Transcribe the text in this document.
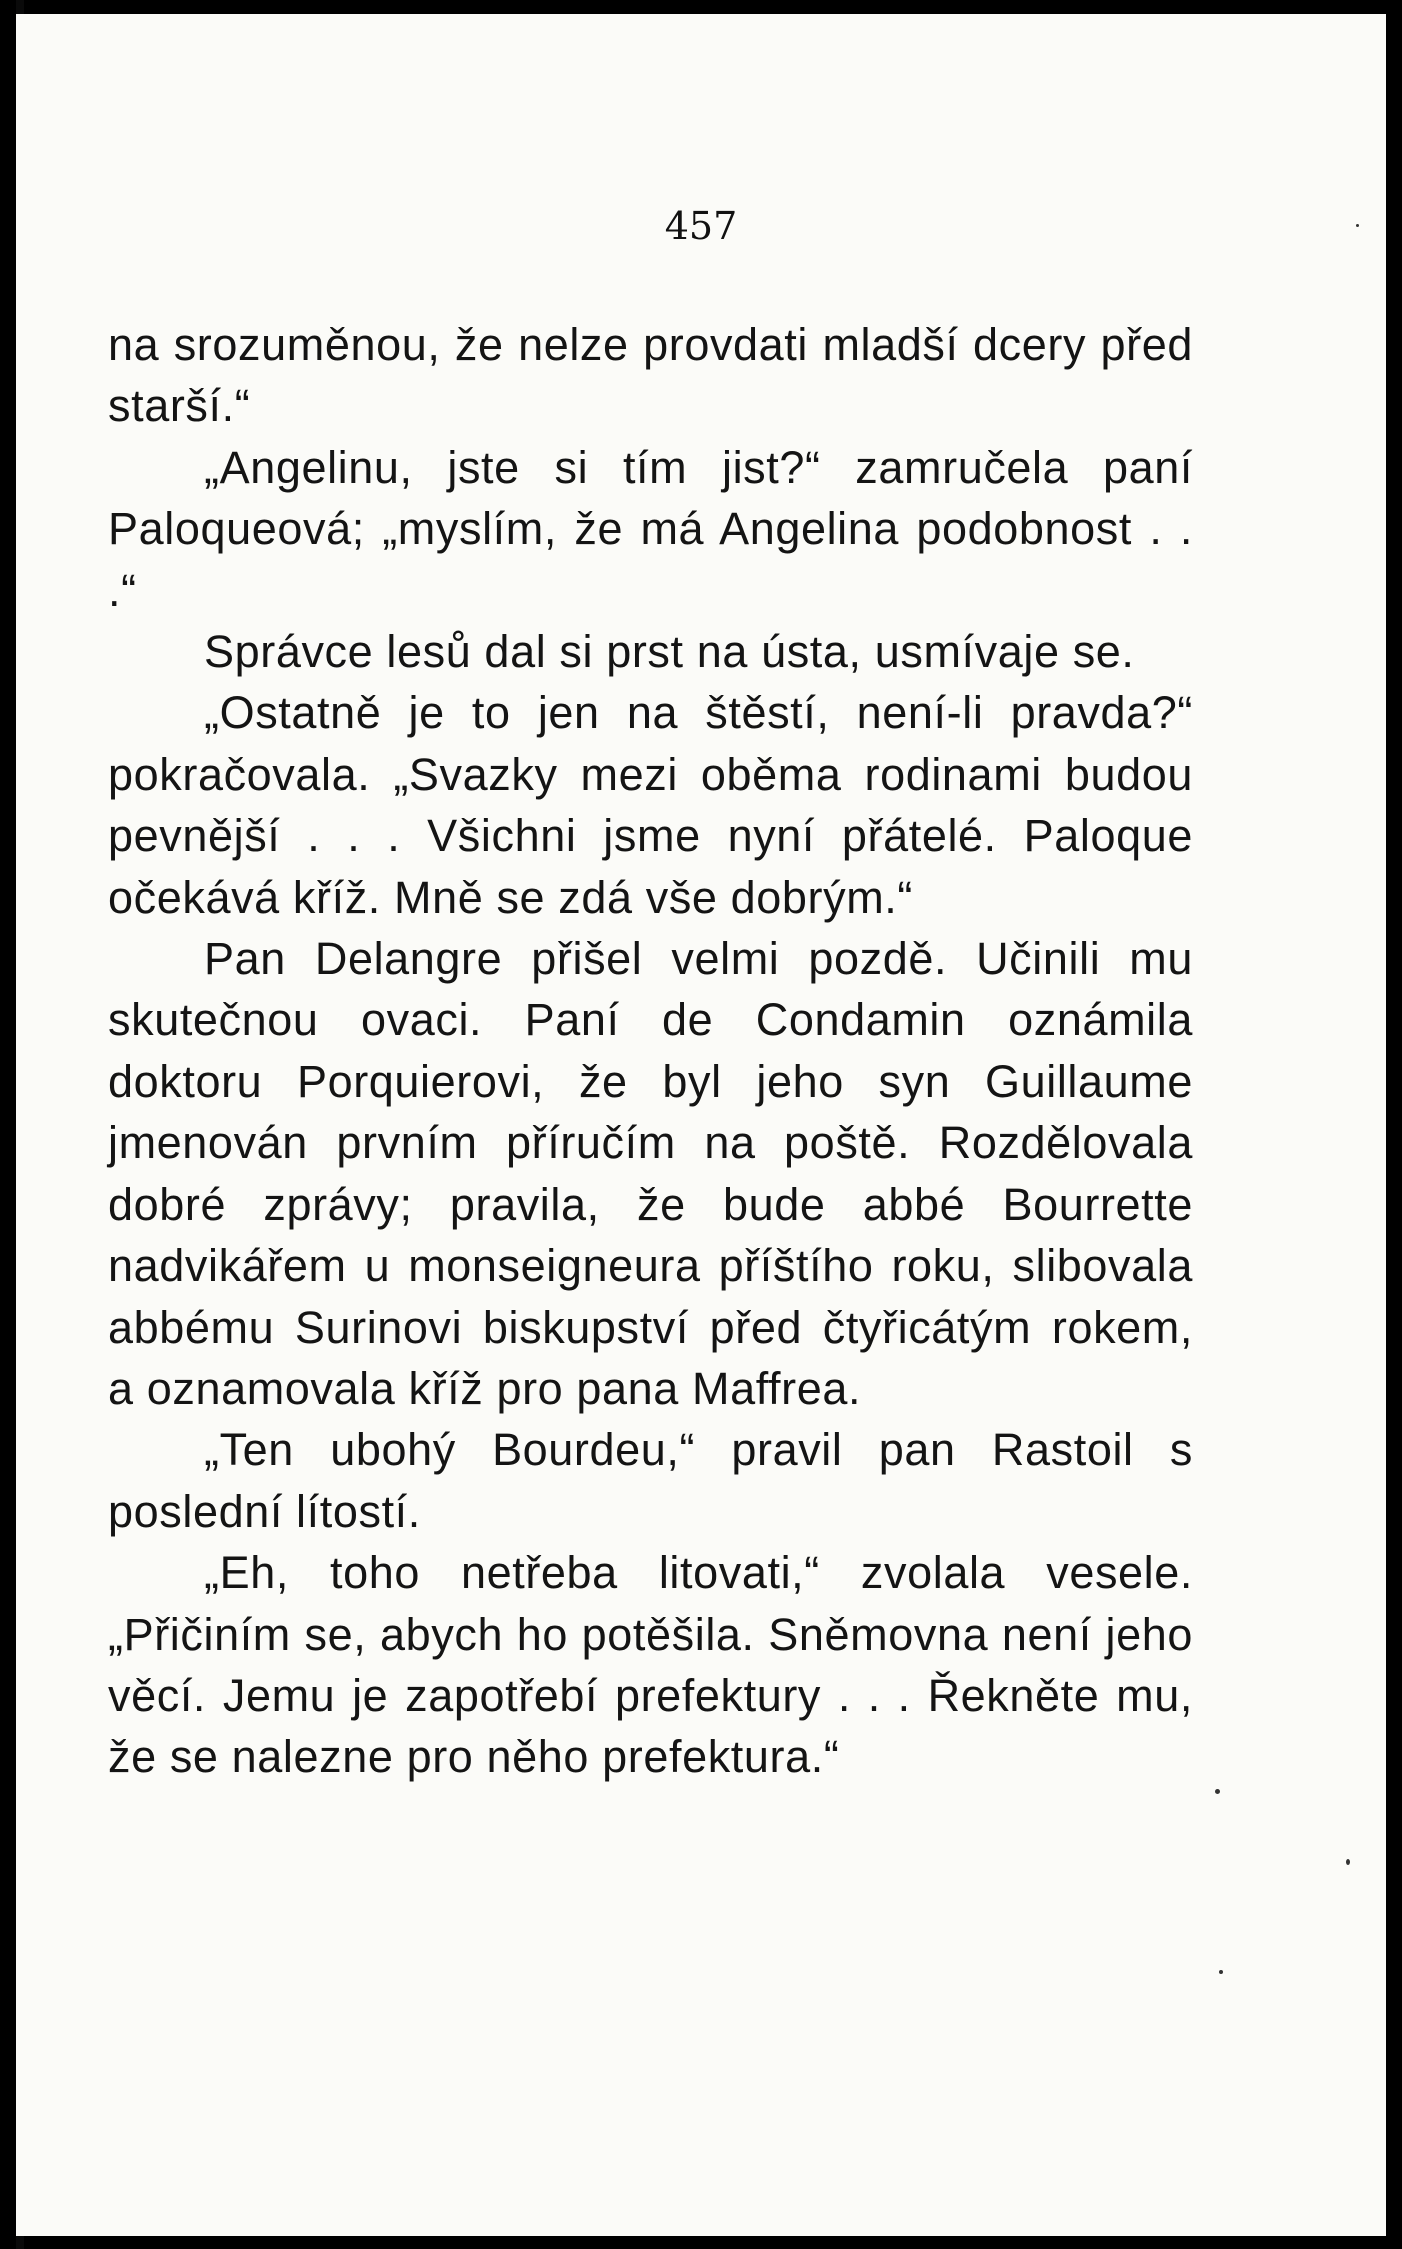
457

na srozuměnou, že nelze provdati mladší dcery před starší.“

„Angelinu, jste si tím jist?“ zamručela paní Paloqueová; „myslím, že má Angelina podobnost . . .“

Správce lesů dal si prst na ústa, usmívaje se.

„Ostatně je to jen na štěstí, není-li pravda?“ pokračovala. „Svazky mezi oběma rodinami budou pevnější . . . Všichni jsme nyní přátelé. Paloque očekává kříž. Mně se zdá vše dobrým.“

Pan Delangre přišel velmi pozdě. Učinili mu skutečnou ovaci. Paní de Condamin oznámila doktoru Porquierovi, že byl jeho syn Guillaume jmenován prvním příručím na poště. Rozdělovala dobré zprávy; pravila, že bude abbé Bourrette nadvikářem u monseigneura příštího roku, slibovala abbému Surinovi biskupství před čtyřicátým rokem, a oznamovala kříž pro pana Maffrea.

„Ten ubohý Bourdeu,“ pravil pan Rastoil s poslední lítostí.

„Eh, toho netřeba litovati,“ zvolala vesele. „Přičiním se, abych ho potěšila. Sněmovna není jeho věcí. Jemu je zapotřebí prefektury . . . Řekněte mu, že se nalezne pro něho prefektura.“
